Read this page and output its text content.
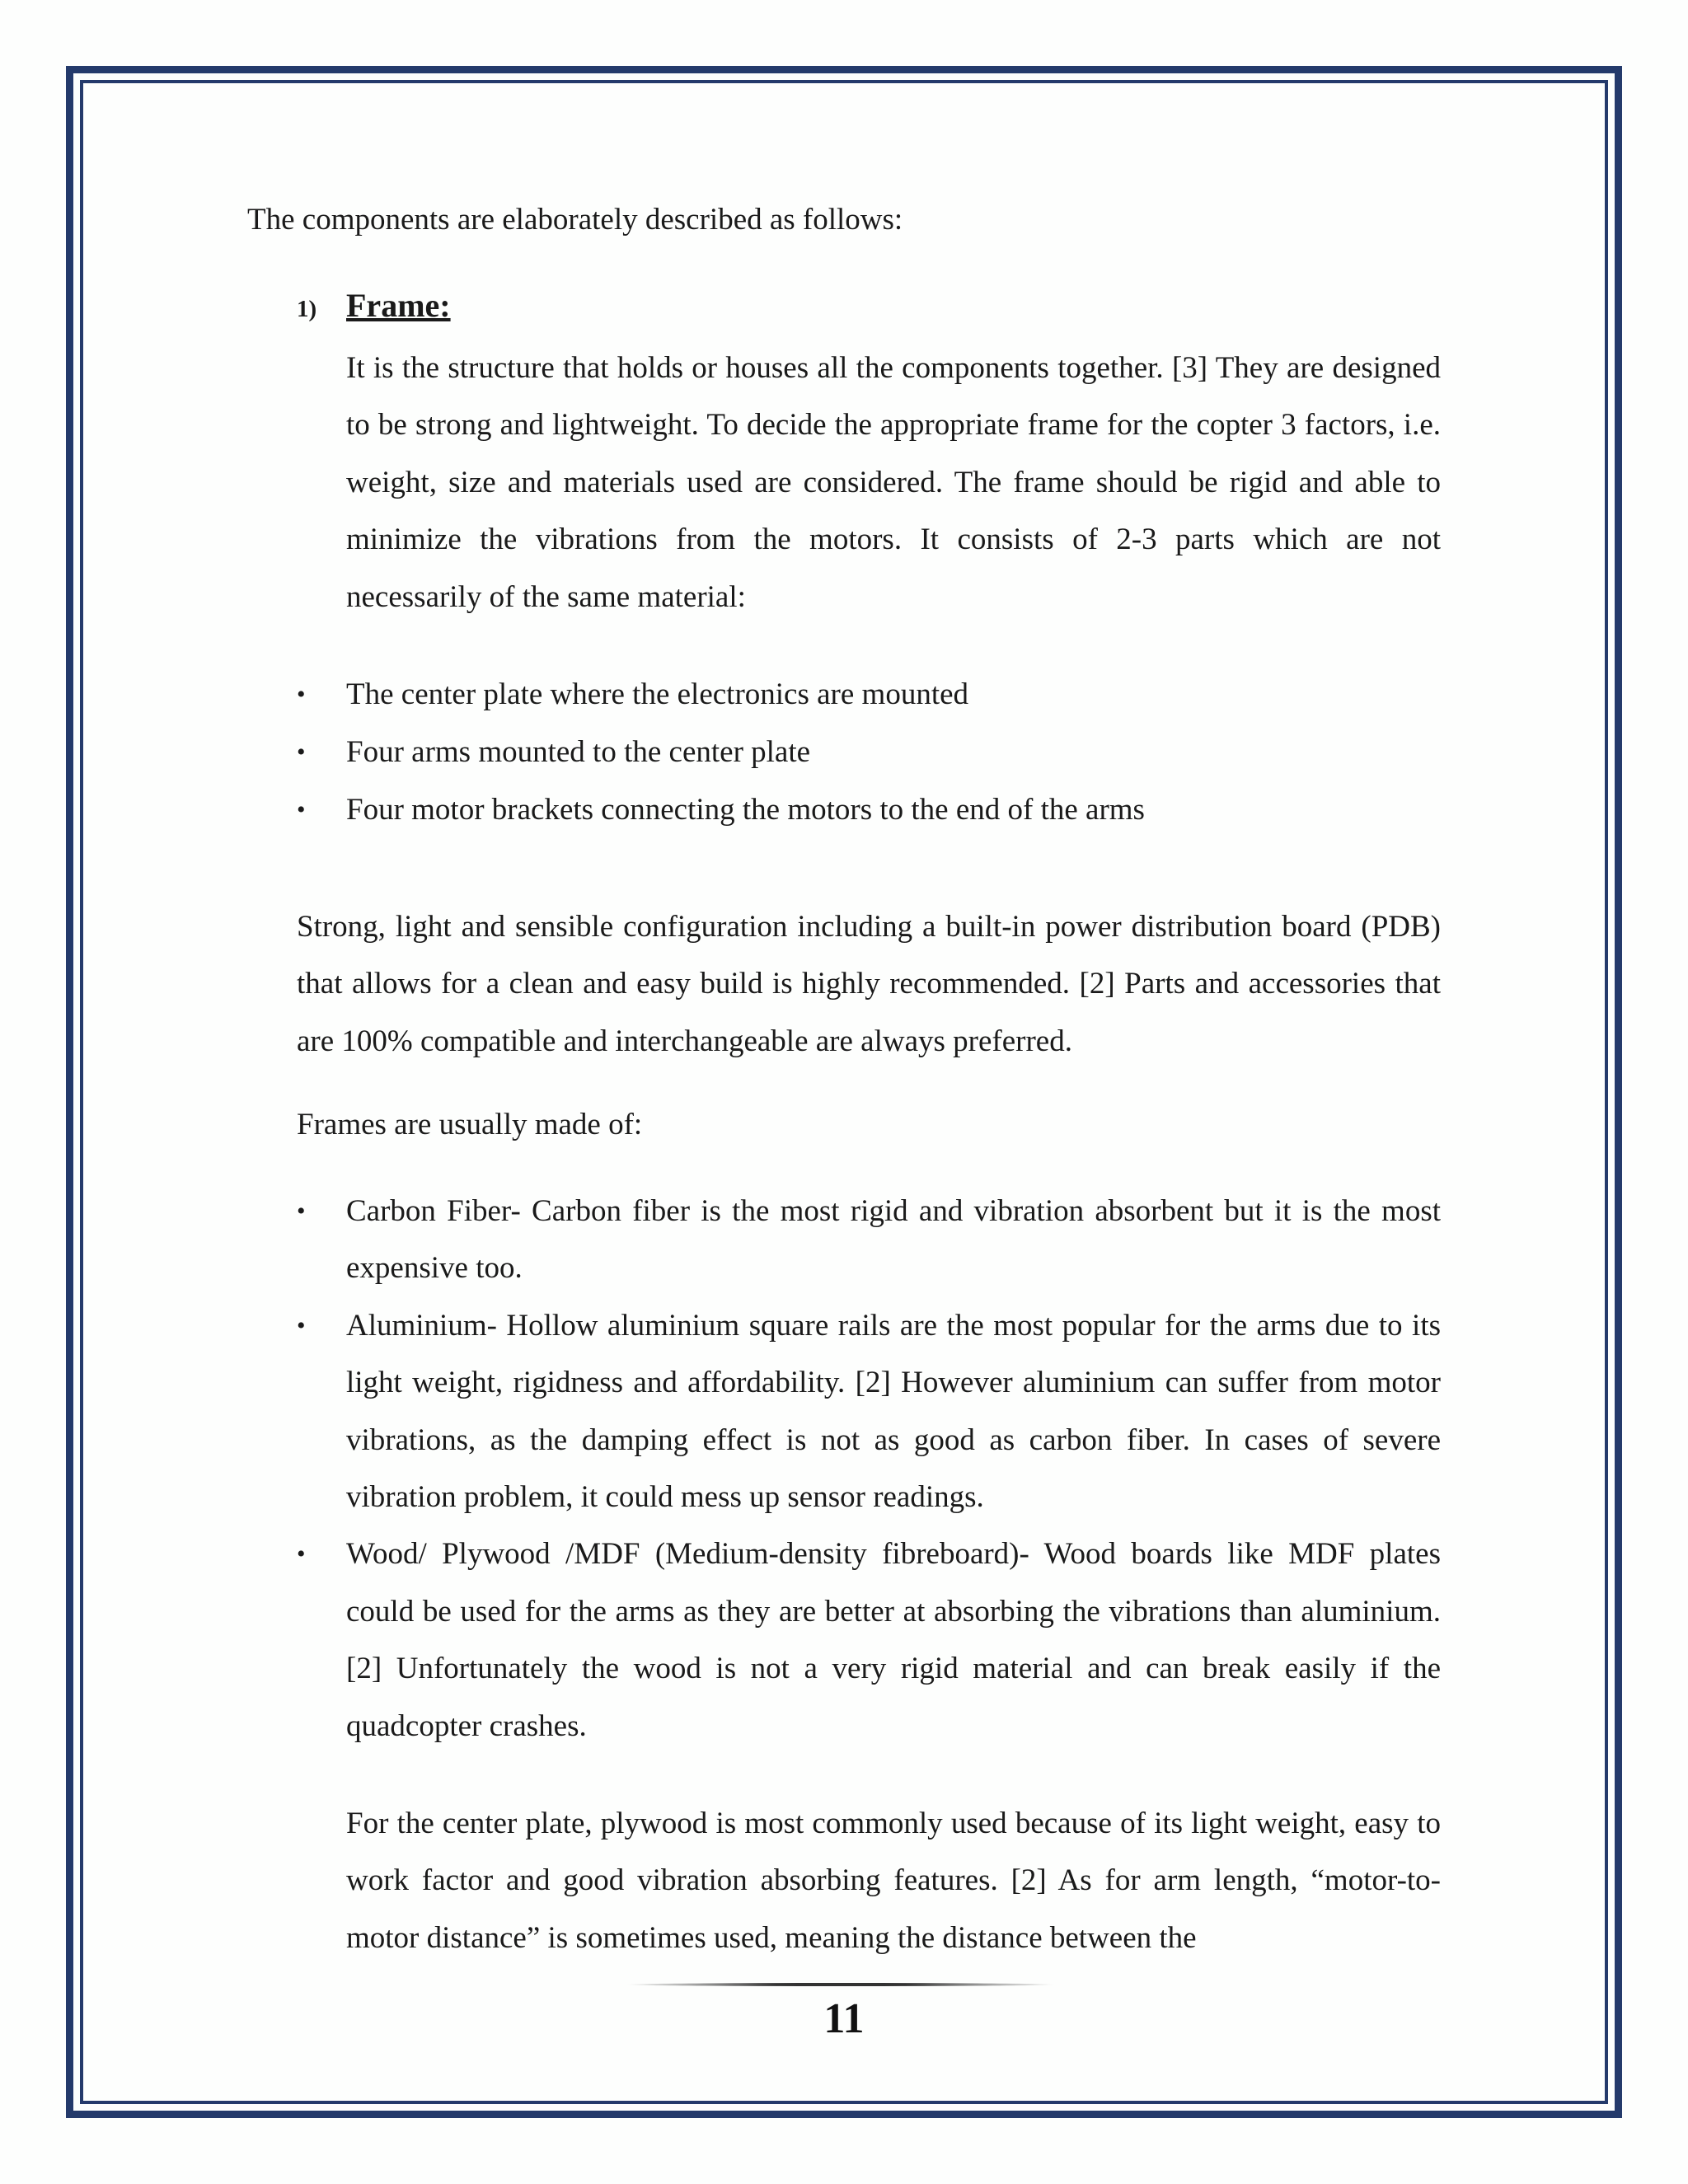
The components are elaborately described as follows:

1) Frame:

It is the structure that holds or houses all the components together. [3] They are designed to be strong and lightweight. To decide the appropriate frame for the copter 3 factors, i.e. weight, size and materials used are considered. The frame should be rigid and able to minimize the vibrations from the motors. It consists of 2-3 parts which are not necessarily of the same material:

• The center plate where the electronics are mounted
• Four arms mounted to the center plate
• Four motor brackets connecting the motors to the end of the arms

Strong, light and sensible configuration including a built-in power distribution board (PDB) that allows for a clean and easy build is highly recommended. [2] Parts and accessories that are 100% compatible and interchangeable are always preferred.

Frames are usually made of:

• Carbon Fiber- Carbon fiber is the most rigid and vibration absorbent but it is the most expensive too.
• Aluminium- Hollow aluminium square rails are the most popular for the arms due to its light weight, rigidness and affordability. [2] However aluminium can suffer from motor vibrations, as the damping effect is not as good as carbon fiber. In cases of severe vibration problem, it could mess up sensor readings.
• Wood/ Plywood /MDF (Medium-density fibreboard)- Wood boards like MDF plates could be used for the arms as they are better at absorbing the vibrations than aluminium. [2] Unfortunately the wood is not a very rigid material and can break easily if the quadcopter crashes.

For the center plate, plywood is most commonly used because of its light weight, easy to work factor and good vibration absorbing features. [2] As for arm length, “motor-to-motor distance” is sometimes used, meaning the distance between the

11
